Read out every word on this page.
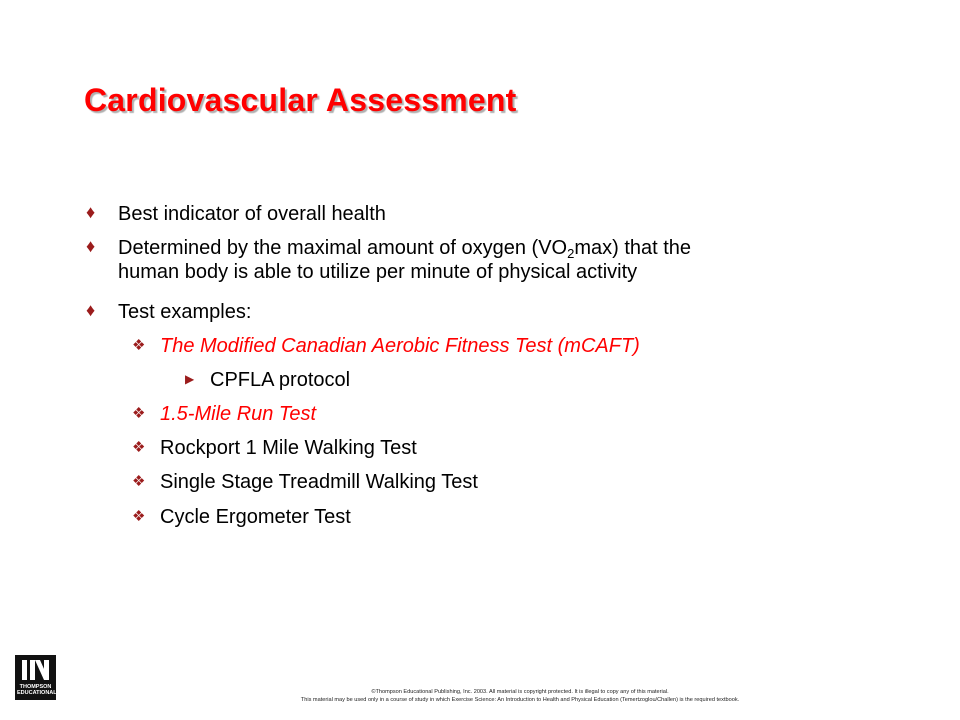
Cardiovascular Assessment
♦ Best indicator of overall health
♦ Determined by the maximal amount of oxygen $(VO_2\max)$ that the
human body is able to utilize per minute of physical activity
♦ Test examples:
❖ The Modified Canadian Aerobic Fitness Test (mCAFT)
▶ CPFLA protocol
❖ 1.5-Mile Run Test
❖ Rockport 1 Mile Walking Test
❖ Single Stage Treadmill Walking Test
❖ Cycle Ergometer Test
THOMPSON
EDUCATIONAL	©Thompson Educational Publishing, Inc. 2003. All material is copyright protected. It is illegal to copy any of this material.
This material may be used only in a course of study in which Exercise Science: An Introduction to Health and Physical Education (Temertzoglou/Challen) is the required textbook.
